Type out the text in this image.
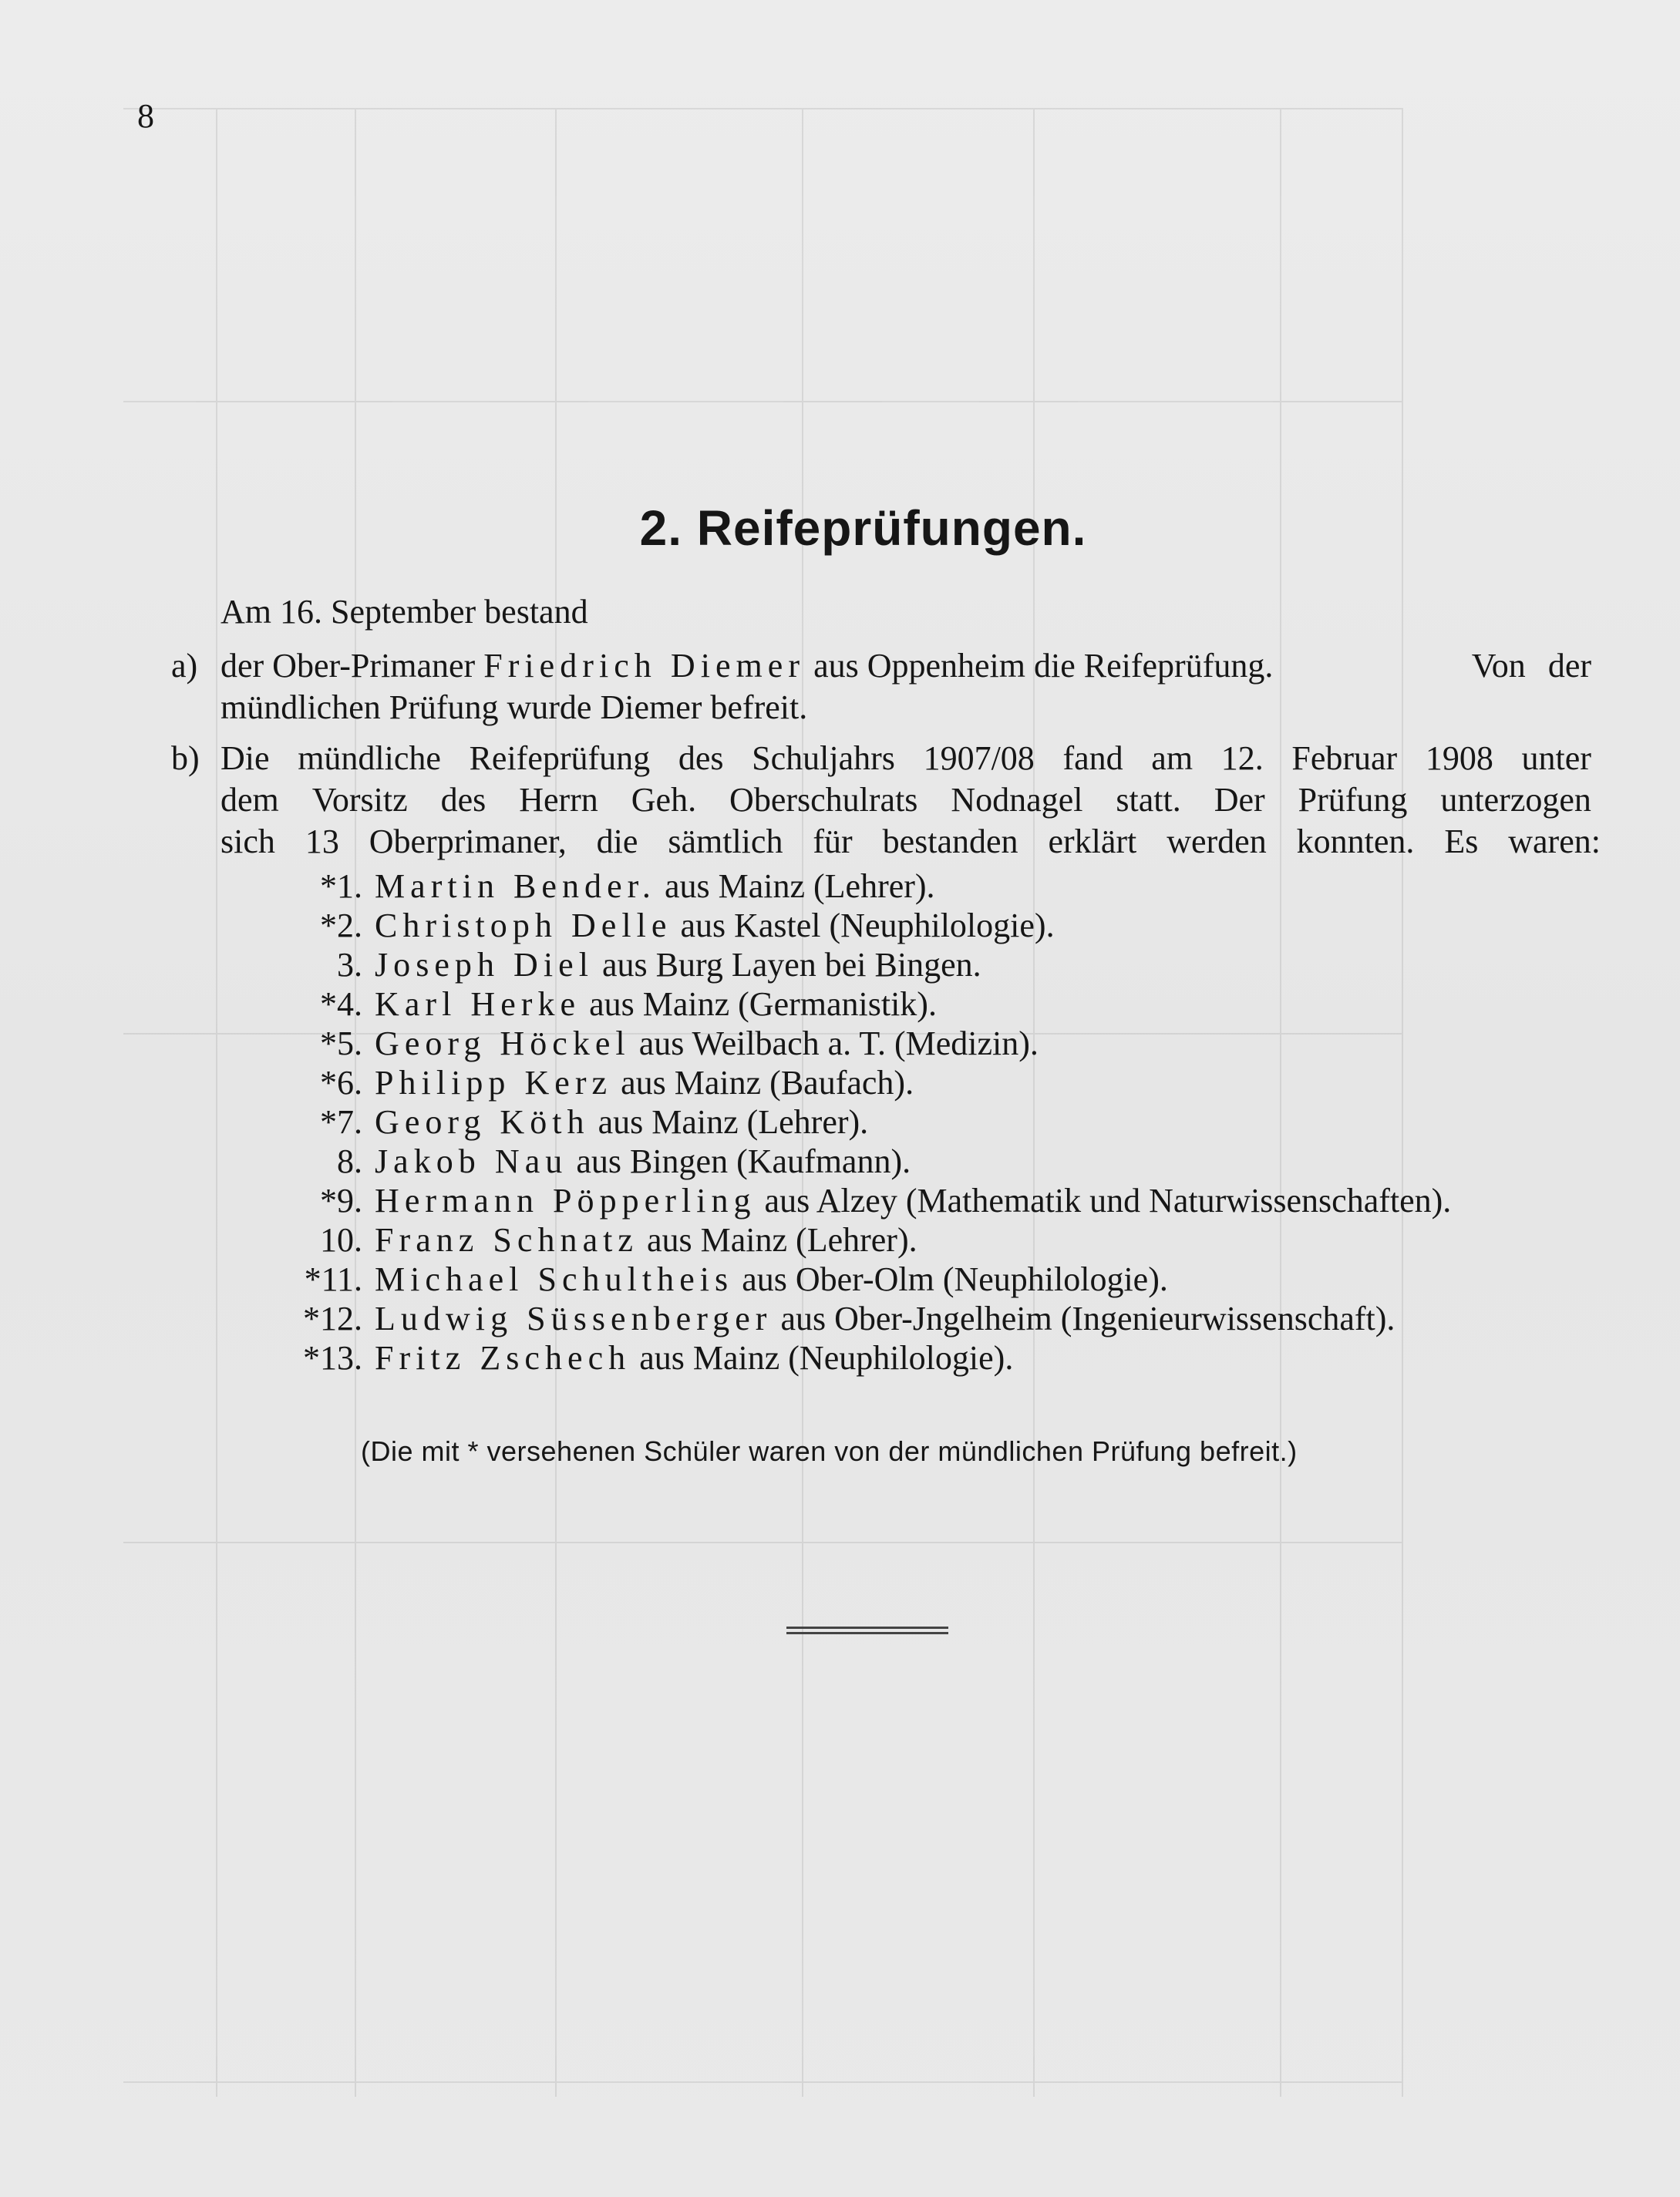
8
2. Reifeprüfungen.
Am 16. September bestand
a) der Ober-Primaner Friedrich Diemer aus Oppenheim die Reifeprüfung.	Von der
mündlichen Prüfung wurde Diemer befreit.
b) Die mündliche Reifeprüfung des Schuljahrs 1907/08 fand am 12. Februar 1908 unter
dem Vorsitz des Herrn Geh. Oberschulrats Nodnagel statt. Der Prüfung unterzogen
sich 13 Oberprimaner, die sämtlich für bestanden erklärt werden konnten. Es waren:
*1. Martin Bender. aus Mainz (Lehrer).
*2. Christoph Delle aus Kastel (Neuphilologie).
3. Joseph Diel aus Burg Layen bei Bingen.
*4. Karl Herke aus Mainz (Germanistik).
*5. Georg Höckel aus Weilbach a. T. (Medizin).
*6. Philipp Kerz aus Mainz (Baufach).
*7. Georg Köth aus Mainz (Lehrer).
8. Jakob Nau aus Bingen (Kaufmann).
*9. Hermann Pöpperling aus Alzey (Mathematik und Naturwissenschaften).
10. Franz Schnatz aus Mainz (Lehrer).
*11. Michael Schultheis aus Ober-Olm (Neuphilologie).
*12. Ludwig Süssenberger aus Ober-Jngelheim (Ingenieurwissenschaft).
*13. Fritz Zschech aus Mainz (Neuphilologie).
(Die mit * versehenen Schüler waren von der mündlichen Prüfung befreit.)
